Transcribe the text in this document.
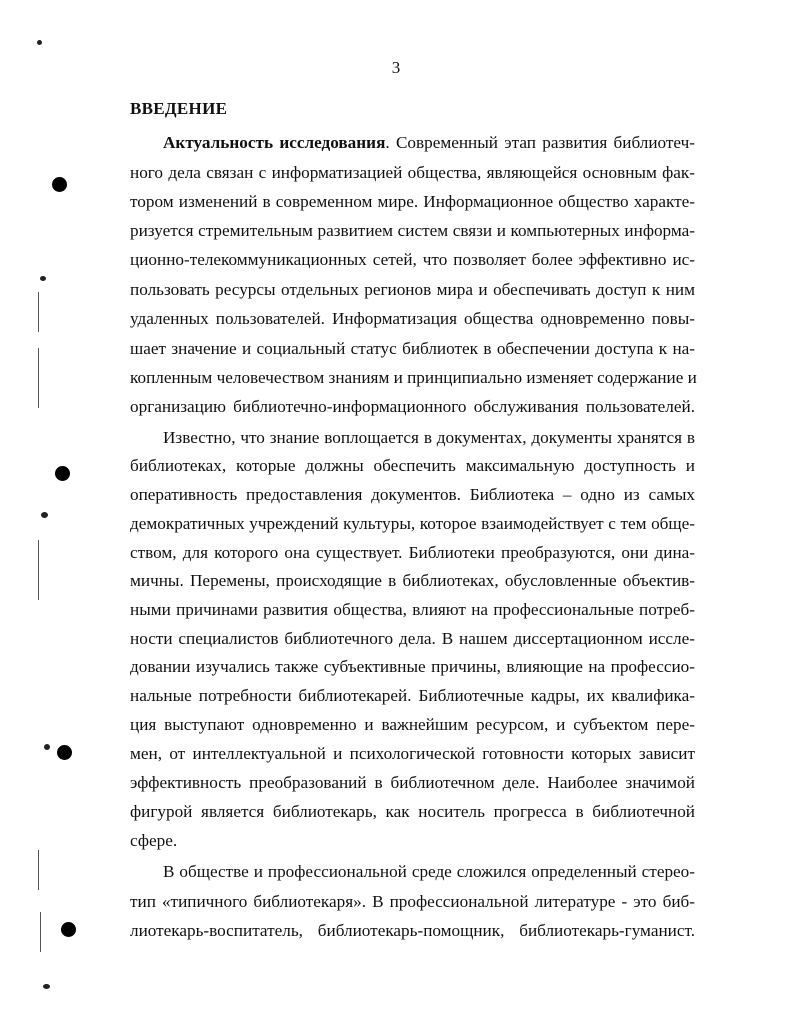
3
ВВЕДЕНИЕ
Актуальность исследования. Современный этап развития библиотеч-
ного дела связан с информатизацией общества, являющейся основным фак-
тором изменений в современном мире. Информационное общество характе-
ризуется стремительным развитием систем связи и компьютерных информа-
ционно-телекоммуникационных сетей, что позволяет более эффективно ис-
пользовать ресурсы отдельных регионов мира и обеспечивать доступ к ним
удаленных пользователей. Информатизация общества одновременно повы-
шает значение и социальный статус библиотек в обеспечении доступа к на-
копленным человечеством знаниям и принципиально изменяет содержание и
организацию библиотечно-информационного обслуживания пользователей.
Известно, что знание воплощается в документах, документы хранятся в
библиотеках, которые должны обеспечить максимальную доступность и
оперативность предоставления документов. Библиотека – одно из самых
демократичных учреждений культуры, которое взаимодействует с тем обще-
ством, для которого она существует. Библиотеки преобразуются, они дина-
мичны. Перемены, происходящие в библиотеках, обусловленные объектив-
ными причинами развития общества, влияют на профессиональные потреб-
ности специалистов библиотечного дела. В нашем диссертационном иссле-
довании изучались также субъективные причины, влияющие на профессио-
нальные потребности библиотекарей. Библиотечные кадры, их квалифика-
ция выступают одновременно и важнейшим ресурсом, и субъектом пере-
мен, от интеллектуальной и психологической готовности которых зависит
эффективность преобразований в библиотечном деле. Наиболее значимой
фигурой является библиотекарь, как носитель прогресса в библиотечной
сфере.
В обществе и профессиональной среде сложился определенный стерео-
тип «типичного библиотекаря». В профессиональной литературе - это биб-
лиотекарь-воспитатель, библиотекарь-помощник, библиотекарь-гуманист.
